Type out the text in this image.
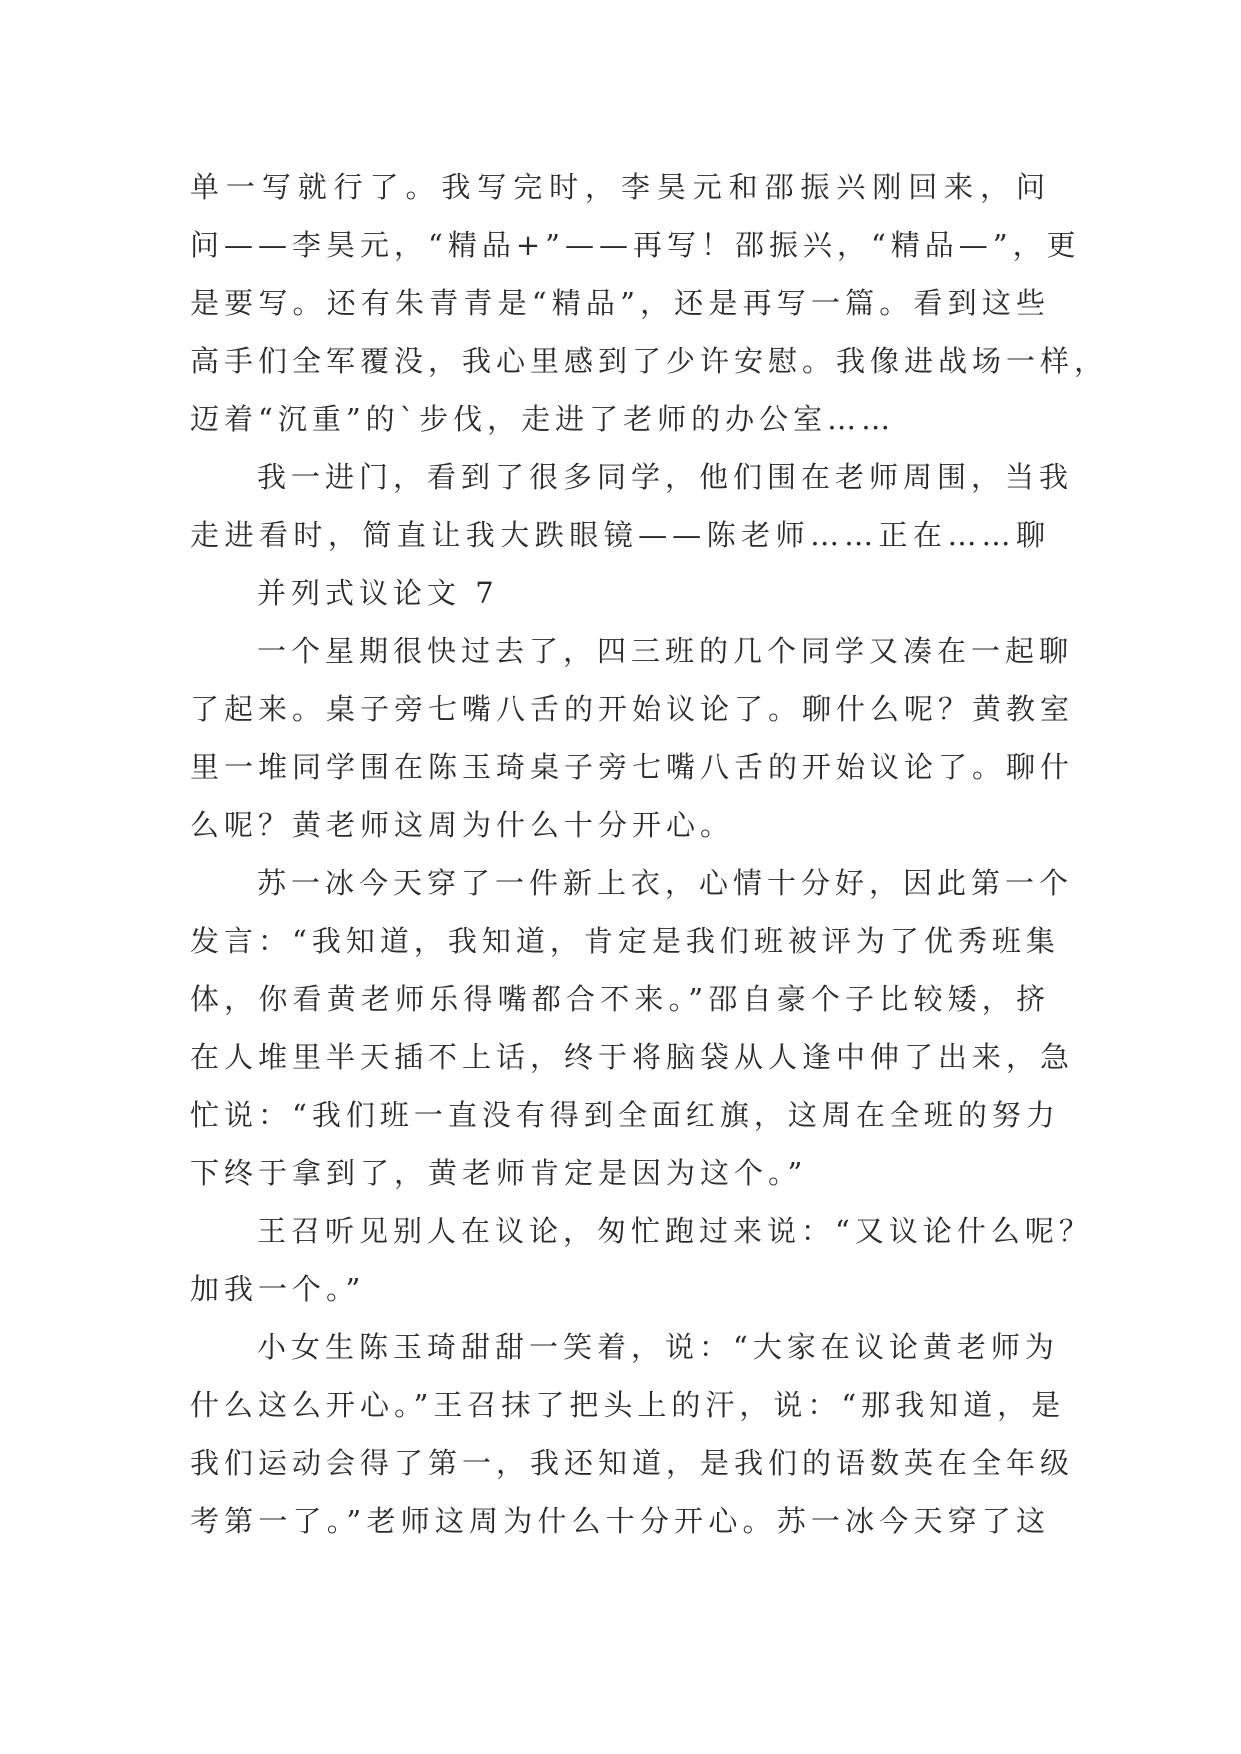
单一写就行了。我写完时，李昊元和邵振兴刚回来，问
问——李昊元，“精品+”——再写！邵振兴，“精品—”，更
是要写。还有朱青青是“精品”，还是再写一篇。看到这些
高手们全军覆没，我心里感到了少许安慰。我像进战场一样，
迈着“沉重”的`步伐，走进了老师的办公室……
我一进门，看到了很多同学，他们围在老师周围，当我
走进看时，简直让我大跌眼镜——陈老师……正在……聊
并列式议论文 7
一个星期很快过去了，四三班的几个同学又凑在一起聊
了起来。桌子旁七嘴八舌的开始议论了。聊什么呢？黄教室
里一堆同学围在陈玉琦桌子旁七嘴八舌的开始议论了。聊什
么呢？黄老师这周为什么十分开心。
苏一冰今天穿了一件新上衣，心情十分好，因此第一个
发言：“我知道，我知道，肯定是我们班被评为了优秀班集
体，你看黄老师乐得嘴都合不来。”邵自豪个子比较矮，挤
在人堆里半天插不上话，终于将脑袋从人逢中伸了出来，急
忙说：“我们班一直没有得到全面红旗，这周在全班的努力
下终于拿到了，黄老师肯定是因为这个。”
王召听见别人在议论，匆忙跑过来说：“又议论什么呢？
加我一个。”
小女生陈玉琦甜甜一笑着，说：“大家在议论黄老师为
什么这么开心。”王召抹了把头上的汗，说：“那我知道，是
我们运动会得了第一，我还知道，是我们的语数英在全年级
考第一了。”老师这周为什么十分开心。苏一冰今天穿了这
